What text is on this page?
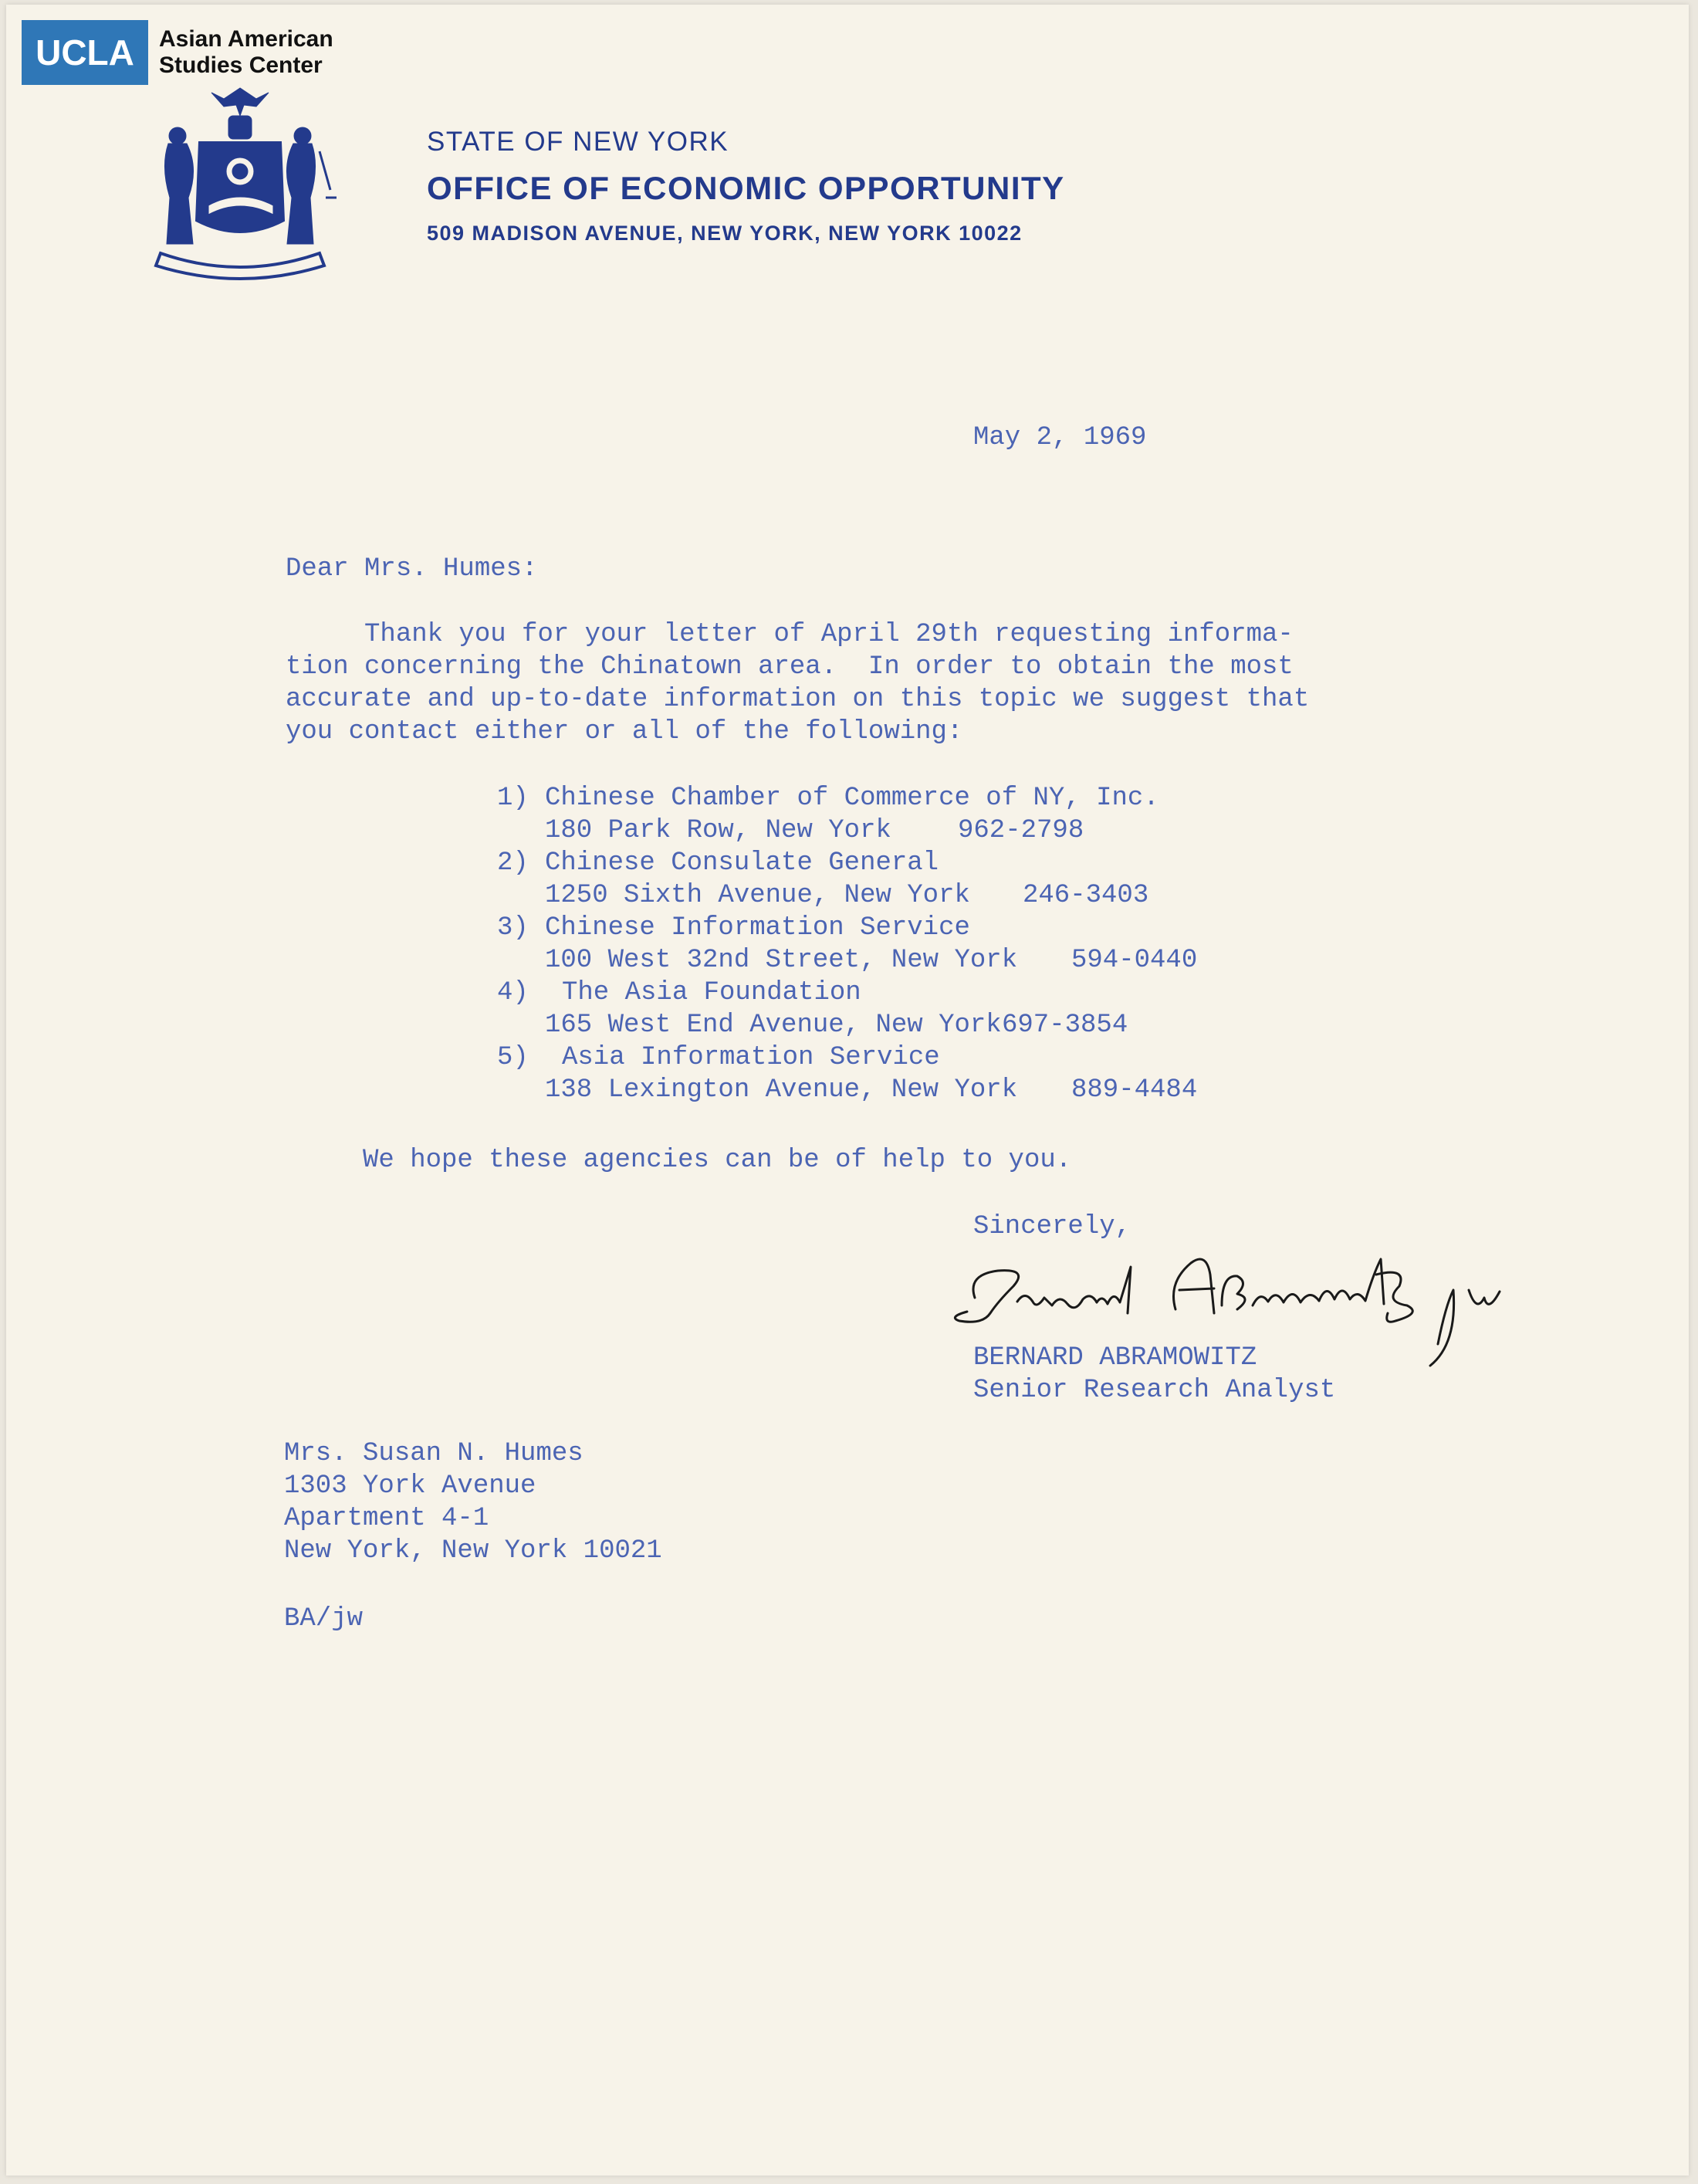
UCLA	Asian American
Studies Center
STATE OF NEW YORK
OFFICE OF ECONOMIC OPPORTUNITY
509 MADISON AVENUE, NEW YORK, NEW YORK 10022
May 2, 1969
Dear Mrs. Humes:
Thank you for your letter of April 29th requesting informa-
tion concerning the Chinatown area.  In order to obtain the most
accurate and up-to-date information on this topic we suggest that
you contact either or all of the following:
1) Chinese Chamber of Commerce of NY, Inc.
180 Park Row, New York	962-2798
2) Chinese Consulate General
1250 Sixth Avenue, New York 246-3403
3) Chinese Information Service
100 West 32nd Street, New York 594-0440
4) The Asia Foundation
165 West End Avenue, New York 697-3854
5) Asia Information Service
138 Lexington Avenue, New York 889-4484
We hope these agencies can be of help to you.
Sincerely,
BERNARD ABRAMOWITZ
Senior Research Analyst
Mrs. Susan N. Humes
1303 York Avenue
Apartment 4-1
New York, New York 10021
BA/jw
